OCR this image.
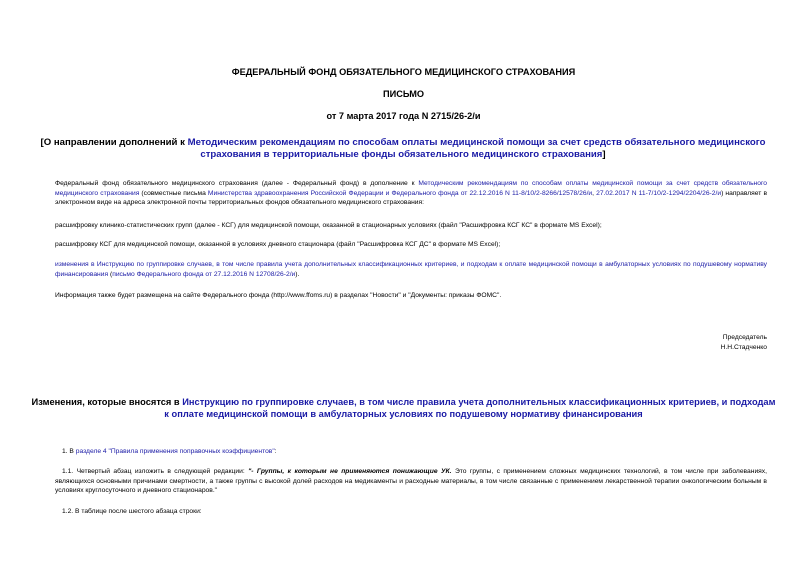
ФЕДЕРАЛЬНЫЙ ФОНД ОБЯЗАТЕЛЬНОГО МЕДИЦИНСКОГО СТРАХОВАНИЯ
ПИСЬМО
от 7 марта 2017 года N 2715/26-2/и
[О направлении дополнений к Методическим рекомендациям по способам оплаты медицинской помощи за счет средств обязательного медицинского страхования в территориальные фонды обязательного медицинского страхования]
Федеральный фонд обязательного медицинского страхования (далее - Федеральный фонд) в дополнение к Методическим рекомендациям по способам оплаты медицинской помощи за счет средств обязательного медицинского страхования (совместные письма Министерства здравоохранения Российской Федерации и Федерального фонда от 22.12.2016 N 11-8/10/2-8266/12578/26/и, 27.02.2017 N 11-7/10/2-1294/2204/26-2/и) направляет в электронном виде на адреса электронной почты территориальных фондов обязательного медицинского страхования:
расшифровку клинико-статистических групп (далее - КСГ) для медицинской помощи, оказанной в стационарных условиях (файл "Расшифровка КСГ КС" в формате MS Excel);
расшифровку КСГ для медицинской помощи, оказанной в условиях дневного стационара (файл "Расшифровка КСГ ДС" в формате MS Excel);
изменения в Инструкцию по группировке случаев, в том числе правила учета дополнительных классификационных критериев, и подходам к оплате медицинской помощи в амбулаторных условиях по подушевому нормативу финансирования (письмо Федерального фонда от 27.12.2016 N 12708/26-2/и).
Информация также будет размещена на сайте Федерального фонда (http://www.ffoms.ru) в разделах "Новости" и "Документы: приказы ФОМС".
Председатель
Н.Н.Стадченко
Изменения, которые вносятся в Инструкцию по группировке случаев, в том числе правила учета дополнительных классификационных критериев, и подходам к оплате медицинской помощи в амбулаторных условиях по подушевому нормативу финансирования
1. В разделе 4 "Правила применения поправочных коэффициентов":
1.1. Четвертый абзац изложить в следующей редакции: "- Группы, к которым не применяются понижающие УК. Это группы, с применением сложных медицинских технологий, в том числе при заболеваниях, являющихся основными причинами смертности, а также группы с высокой долей расходов на медикаменты и расходные материалы, в том числе связанные с применением лекарственной терапии онкологическим больным в условиях круглосуточного и дневного стационаров."
1.2. В таблице после шестого абзаца строки:
